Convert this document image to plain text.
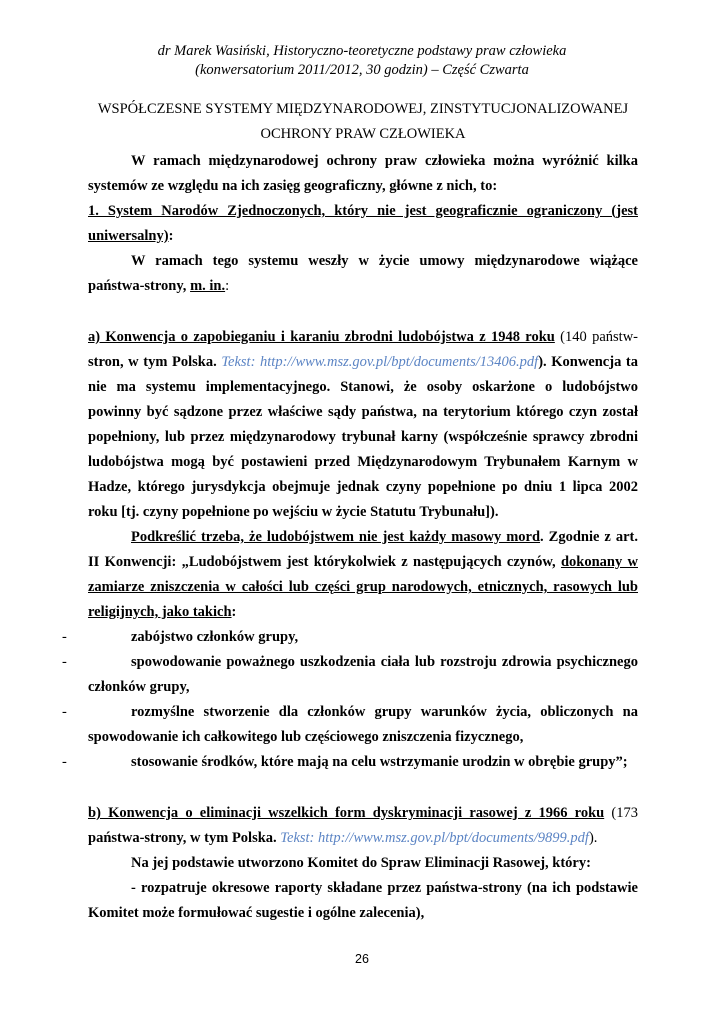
dr Marek Wasiński, Historyczno-teoretyczne podstawy praw człowieka
(konwersatorium 2011/2012, 30 godzin) – Część Czwarta
WSPÓŁCZESNE SYSTEMY MIĘDZYNARODOWEJ, ZINSTYTUCJONALIZOWANEJ
OCHRONY PRAW CZŁOWIEKA
W ramach międzynarodowej ochrony praw człowieka można wyróżnić kilka
systemów ze względu na ich zasięg geograficzny, główne z nich, to:
1. System Narodów Zjednoczonych, który nie jest geograficznie ograniczony (jest
uniwersalny):
W ramach tego systemu weszły w życie umowy międzynarodowe wiążące
państwa-strony, m. in.:
a) Konwencja o zapobieganiu i karaniu zbrodni ludobójstwa z 1948 roku (140 państw-
stron, w tym Polska. Tekst: http://www.msz.gov.pl/bpt/documents/13406.pdf). Konwencja ta
nie ma systemu implementacyjnego. Stanowi, że osoby oskarżone o ludobójstwo
powinny być sądzone przez właściwe sądy państwa, na terytorium którego czyn został
popełniony, lub przez międzynarodowy trybunał karny (współcześnie sprawcy zbrodni
ludobójstwa mogą być postawieni przed Międzynarodowym Trybunałem Karnym w
Hadze, którego jurysdykcja obejmuje jednak czyny popełnione po dniu 1 lipca 2002
roku [tj. czyny popełnione po wejściu w życie Statutu Trybunału]).
Podkreślić trzeba, że ludobójstwem nie jest każdy masowy mord. Zgodnie z art.
II Konwencji: „Ludobójstwem jest którykolwiek z następujących czynów, dokonany w
zamiarze zniszczenia w całości lub części grup narodowych, etnicznych, rasowych lub
religijnych, jako takich:
-	zabójstwo członków grupy,
-	spowodowanie poważnego uszkodzenia ciała lub rozstroju zdrowia psychicznego
członków grupy,
-	rozmyślne stworzenie dla członków grupy warunków życia, obliczonych na
spowodowanie ich całkowitego lub częściowego zniszczenia fizycznego,
-	stosowanie środków, które mają na celu wstrzymanie urodzin w obrębie grupy”;
b) Konwencja o eliminacji wszelkich form dyskryminacji rasowej z 1966 roku (173
państwa-strony, w tym Polska. Tekst: http://www.msz.gov.pl/bpt/documents/9899.pdf).
Na jej podstawie utworzono Komitet do Spraw Eliminacji Rasowej, który:
- rozpatruje okresowe raporty składane przez państwa-strony (na ich podstawie
Komitet może formułować sugestie i ogólne zalecenia),
26
